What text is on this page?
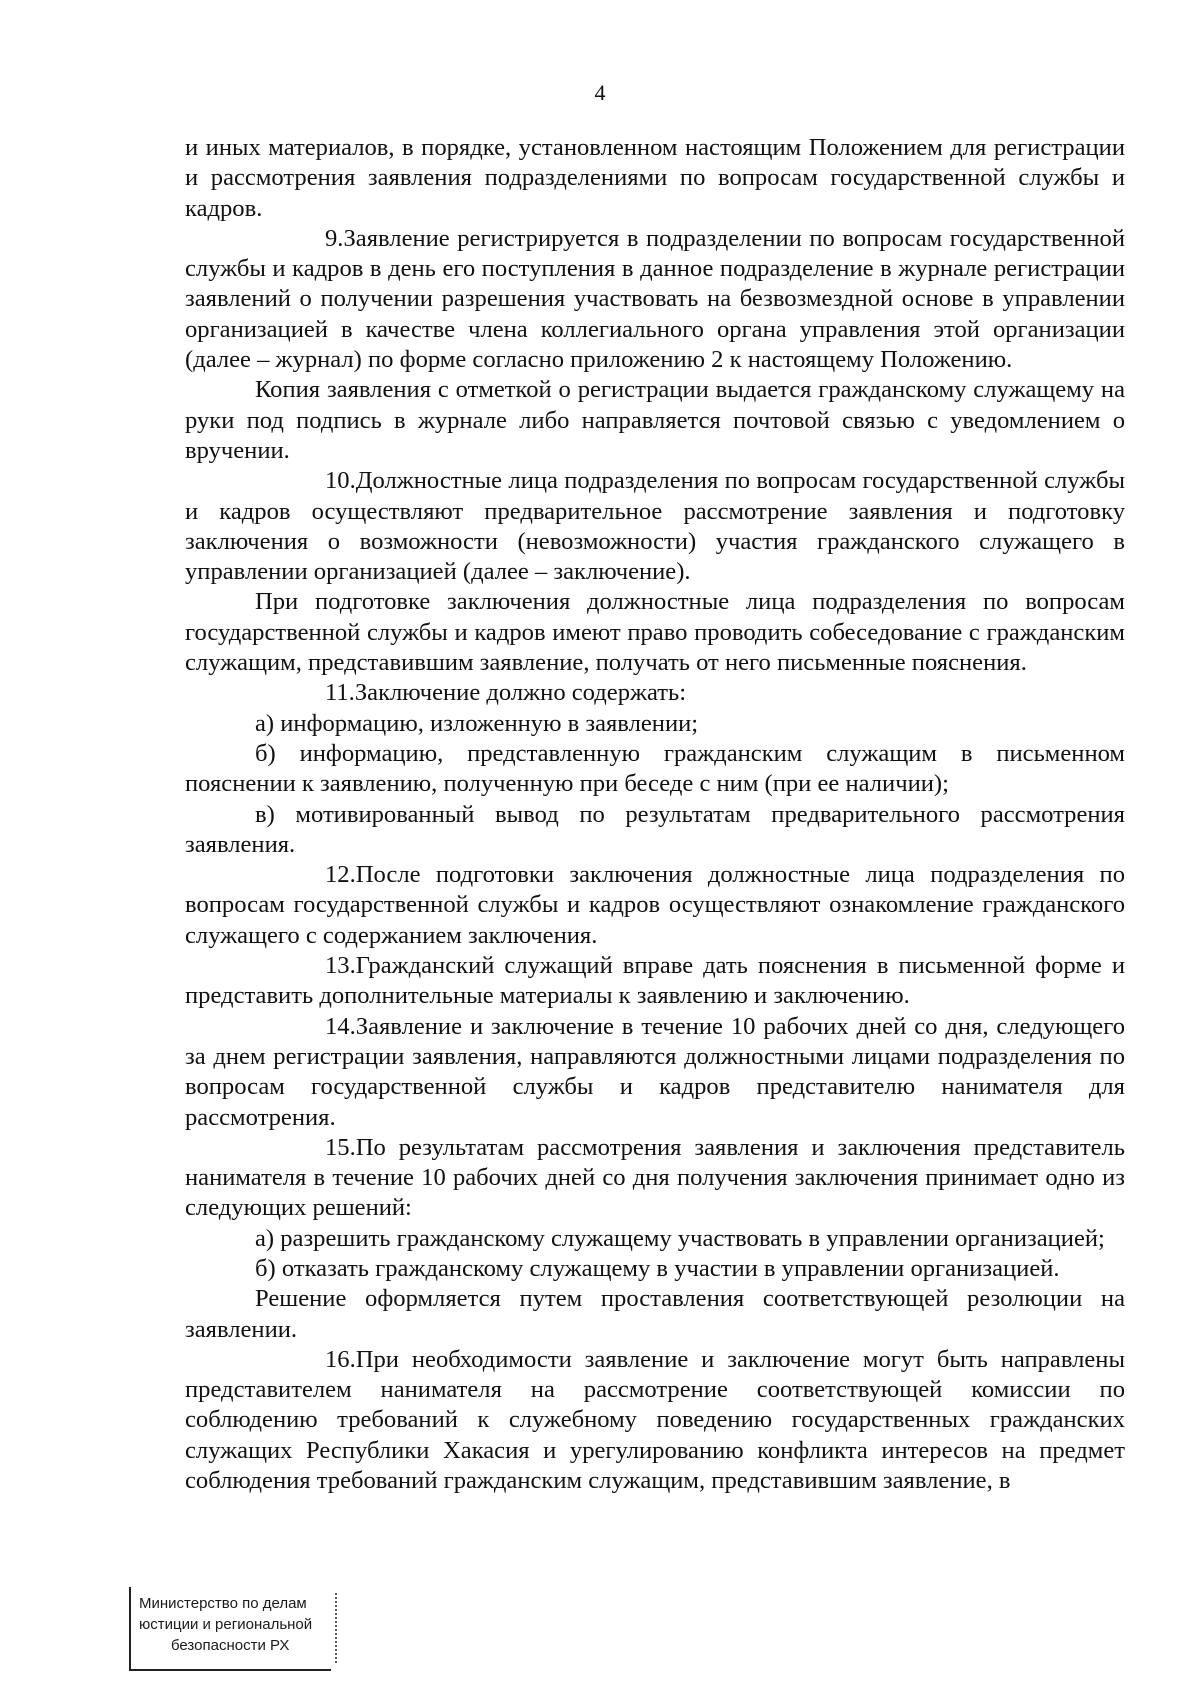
4

и иных материалов, в порядке, установленном настоящим Положением для регистрации и рассмотрения заявления подразделениями по вопросам государственной службы и кадров.

9.Заявление регистрируется в подразделении по вопросам государственной службы и кадров в день его поступления в данное подразделение в журнале регистрации заявлений о получении разрешения участвовать на безвозмездной основе в управлении организацией в качестве члена коллегиального органа управления этой организации (далее – журнал) по форме согласно приложению 2 к настоящему Положению.

Копия заявления с отметкой о регистрации выдается гражданскому служащему на руки под подпись в журнале либо направляется почтовой связью с уведомлением о вручении.

10.Должностные лица подразделения по вопросам государственной службы и кадров осуществляют предварительное рассмотрение заявления и подготовку заключения о возможности (невозможности) участия гражданского служащего в управлении организацией (далее – заключение).

При подготовке заключения должностные лица подразделения по вопросам государственной службы и кадров имеют право проводить собеседование с гражданским служащим, представившим заявление, получать от него письменные пояснения.

11.Заключение должно содержать:

а) информацию, изложенную в заявлении;

б) информацию, представленную гражданским служащим в письменном пояснении к заявлению, полученную при беседе с ним (при ее наличии);

в) мотивированный вывод по результатам предварительного рассмотрения заявления.

12.После подготовки заключения должностные лица подразделения по вопросам государственной службы и кадров осуществляют ознакомление гражданского служащего с содержанием заключения.

13.Гражданский служащий вправе дать пояснения в письменной форме и представить дополнительные материалы к заявлению и заключению.

14.Заявление и заключение в течение 10 рабочих дней со дня, следующего за днем регистрации заявления, направляются должностными лицами подразделения по вопросам государственной службы и кадров представителю нанимателя для рассмотрения.

15.По результатам рассмотрения заявления и заключения представитель нанимателя в течение 10 рабочих дней со дня получения заключения принимает одно из следующих решений:

а) разрешить гражданскому служащему участвовать в управлении организацией;

б) отказать гражданскому служащему в участии в управлении организацией.

Решение оформляется путем проставления соответствующей резолюции на заявлении.

16.При необходимости заявление и заключение могут быть направлены представителем нанимателя на рассмотрение соответствующей комиссии по соблюдению требований к служебному поведению государственных гражданских служащих Республики Хакасия и урегулированию конфликта интересов на предмет соблюдения требований гражданским служащим, представившим заявление, в

Министерство по делам
юстиции и региональной
безопасности РХ
